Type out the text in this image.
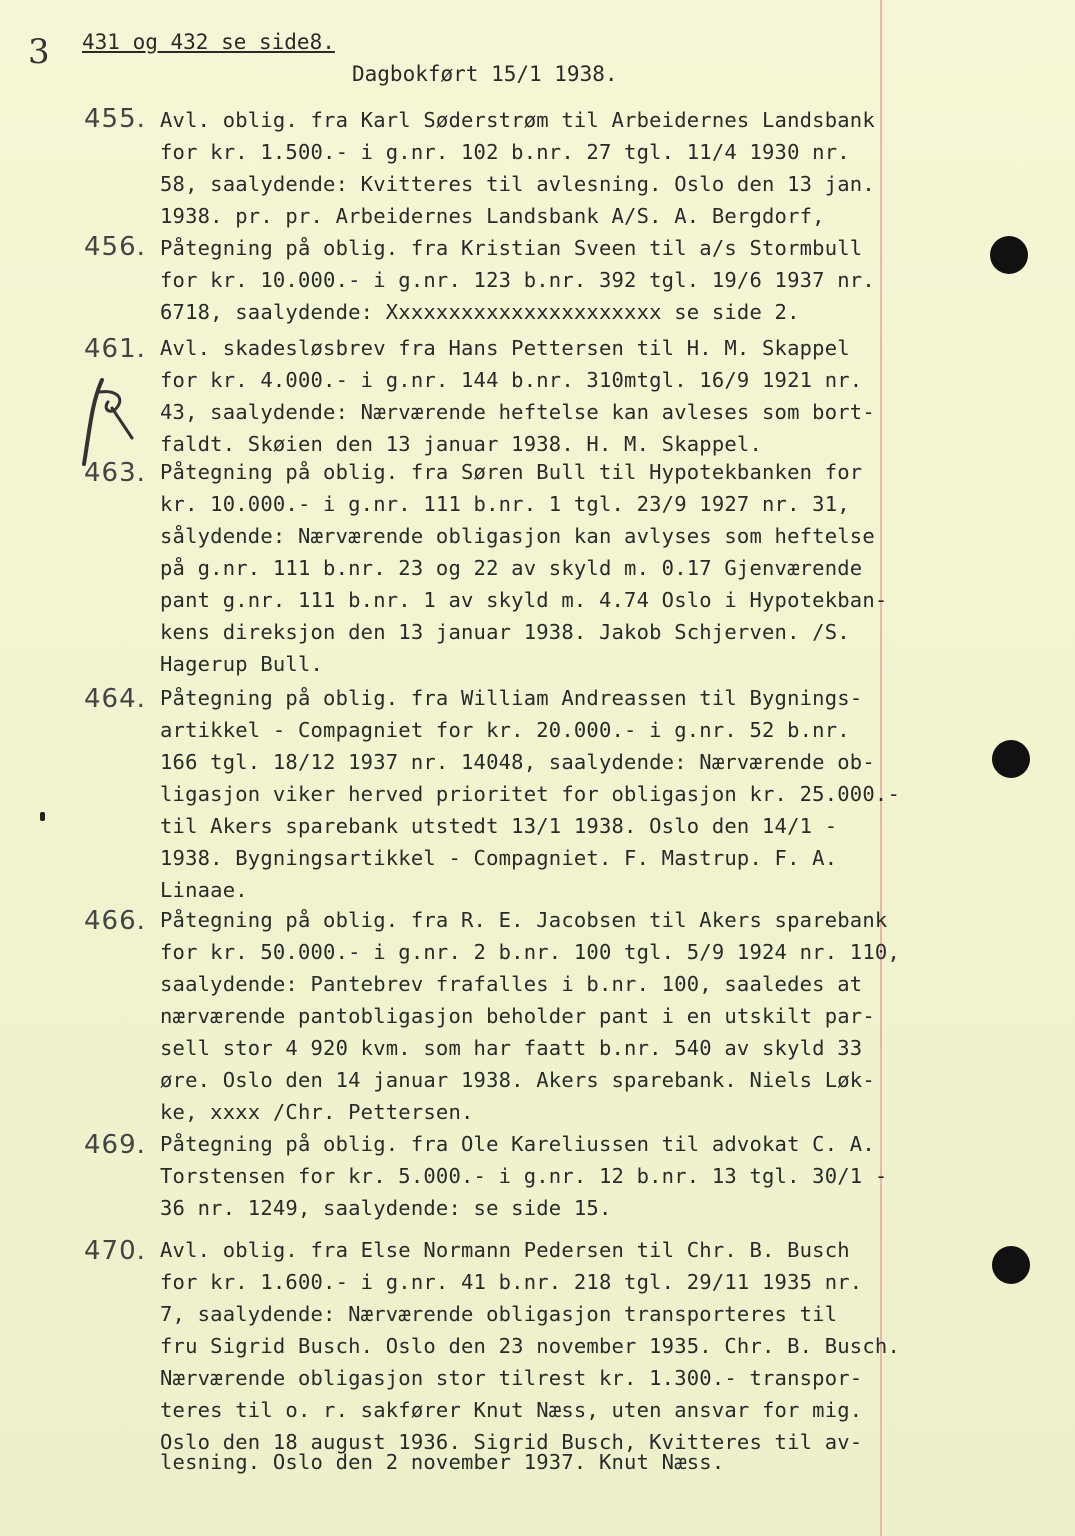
3 431 og 432 se side8.
Dagbokført 15/1 1938.
455. Avl. oblig. fra Karl Søderstrøm til Arbeidernes Landsbank
for kr. 1.500.- i g.nr. 102 b.nr. 27 tgl. 11/4 1930 nr.
58, saalydende: Kvitteres til avlesning. Oslo den 13 jan.
1938. pr. pr. Arbeidernes Landsbank A/S. A. Bergdorf,
456. Påtegning på oblig. fra Kristian Sveen til a/s Stormbull
for kr. 10.000.- i g.nr. 123 b.nr. 392 tgl. 19/6 1937 nr.
6718, saalydende: Xxxxxxxxxxxxxxxxxxxxxx se side 2.
461. Avl. skadesløsbrev fra Hans Pettersen til H. M. Skappel
for kr. 4.000.- i g.nr. 144 b.nr. 310mtgl. 16/9 1921 nr.
43, saalydende: Nærværende heftelse kan avleses som bort-
faldt. Skøien den 13 januar 1938. H. M. Skappel.
463. Påtegning på oblig. fra Søren Bull til Hypotekbanken for
kr. 10.000.- i g.nr. 111 b.nr. 1 tgl. 23/9 1927 nr. 31,
sålydende: Nærværende obligasjon kan avlyses som heftelse
på g.nr. 111 b.nr. 23 og 22 av skyld m. 0.17 Gjenværende
pant g.nr. 111 b.nr. 1 av skyld m. 4.74 Oslo i Hypotekban-
kens direksjon den 13 januar 1938. Jakob Schjerven. /S.
Hagerup Bull.
464. Påtegning på oblig. fra William Andreassen til Bygnings-
artikkel - Compagniet for kr. 20.000.- i g.nr. 52 b.nr.
166 tgl. 18/12 1937 nr. 14048, saalydende: Nærværende ob-
ligasjon viker herved prioritet for obligasjon kr. 25.000.-
til Akers sparebank utstedt 13/1 1938. Oslo den 14/1 -
1938. Bygningsartikkel - Compagniet. F. Mastrup. F. A.
Linaae.
466. Påtegning på oblig. fra R. E. Jacobsen til Akers sparebank
for kr. 50.000.- i g.nr. 2 b.nr. 100 tgl. 5/9 1924 nr. 110,
saalydende: Pantebrev frafalles i b.nr. 100, saaledes at
nærværende pantobligasjon beholder pant i en utskilt par-
sell stor 4 920 kvm. som har faatt b.nr. 540 av skyld 33
øre. Oslo den 14 januar 1938. Akers sparebank. Niels Løk-
ke, xxxx /Chr. Pettersen.
469. Påtegning på oblig. fra Ole Kareliussen til advokat C. A.
Torstensen for kr. 5.000.- i g.nr. 12 b.nr. 13 tgl. 30/1 -
36 nr. 1249, saalydende: se side 15.
470. Avl. oblig. fra Else Normann Pedersen til Chr. B. Busch
for kr. 1.600.- i g.nr. 41 b.nr. 218 tgl. 29/11 1935 nr.
7, saalydende: Nærværende obligasjon transporteres til
fru Sigrid Busch. Oslo den 23 november 1935. Chr. B. Busch.
Nærværende obligasjon stor tilrest kr. 1.300.- transpor-
teres til o. r. sakfører Knut Næss, uten ansvar for mig.
Oslo den 18 august 1936. Sigrid Busch, Kvitteres til av-
lesning. Oslo den 2 november 1937. Knut Næss.
